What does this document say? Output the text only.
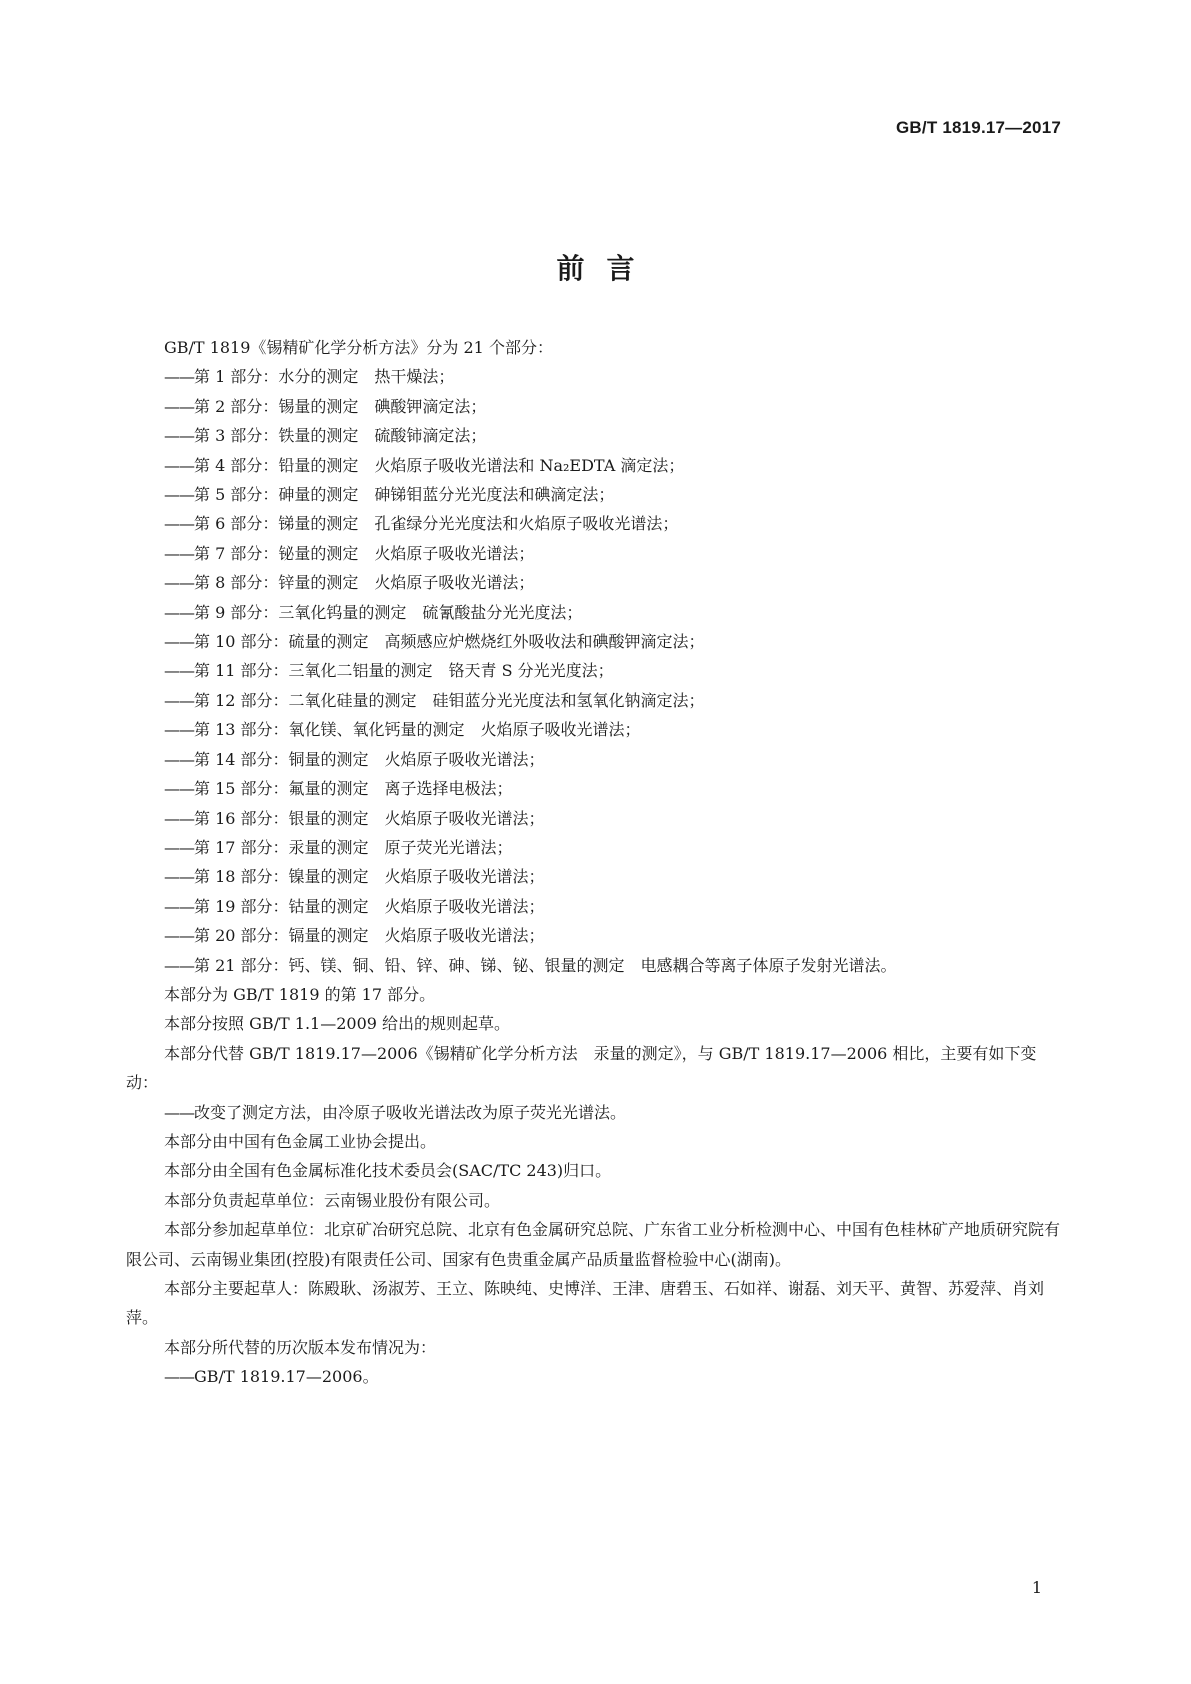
GB/T 1819.17—2017
前言

GB/T 1819《锡精矿化学分析方法》分为 21 个部分：

——第 1 部分：水分的测定　热干燥法；

——第 2 部分：锡量的测定　碘酸钾滴定法；

——第 3 部分：铁量的测定　硫酸铈滴定法；

——第 4 部分：铅量的测定　火焰原子吸收光谱法和 Na₂EDTA 滴定法；

——第 5 部分：砷量的测定　砷锑钼蓝分光光度法和碘滴定法；

——第 6 部分：锑量的测定　孔雀绿分光光度法和火焰原子吸收光谱法；

——第 7 部分：铋量的测定　火焰原子吸收光谱法；

——第 8 部分：锌量的测定　火焰原子吸收光谱法；

——第 9 部分：三氧化钨量的测定　硫氰酸盐分光光度法；

——第 10 部分：硫量的测定　高频感应炉燃烧红外吸收法和碘酸钾滴定法；

——第 11 部分：三氧化二铝量的测定　铬天青 S 分光光度法；

——第 12 部分：二氧化硅量的测定　硅钼蓝分光光度法和氢氧化钠滴定法；

——第 13 部分：氧化镁、氧化钙量的测定　火焰原子吸收光谱法；

——第 14 部分：铜量的测定　火焰原子吸收光谱法；

——第 15 部分：氟量的测定　离子选择电极法；

——第 16 部分：银量的测定　火焰原子吸收光谱法；

——第 17 部分：汞量的测定　原子荧光光谱法；

——第 18 部分：镍量的测定　火焰原子吸收光谱法；

——第 19 部分：钴量的测定　火焰原子吸收光谱法；

——第 20 部分：镉量的测定　火焰原子吸收光谱法；

——第 21 部分：钙、镁、铜、铅、锌、砷、锑、铋、银量的测定　电感耦合等离子体原子发射光谱法。

本部分为 GB/T 1819 的第 17 部分。

本部分按照 GB/T 1.1—2009 给出的规则起草。

本部分代替 GB/T 1819.17—2006《锡精矿化学分析方法　汞量的测定》，与 GB/T 1819.17—2006 相比，主要有如下变动：

——改变了测定方法，由冷原子吸收光谱法改为原子荧光光谱法。

本部分由中国有色金属工业协会提出。

本部分由全国有色金属标准化技术委员会(SAC/TC 243)归口。

本部分负责起草单位：云南锡业股份有限公司。

本部分参加起草单位：北京矿冶研究总院、北京有色金属研究总院、广东省工业分析检测中心、中国有色桂林矿产地质研究院有限公司、云南锡业集团(控股)有限责任公司、国家有色贵重金属产品质量监督检验中心(湖南)。

本部分主要起草人：陈殿耿、汤淑芳、王立、陈映纯、史博洋、王津、唐碧玉、石如祥、谢磊、刘天平、黄智、苏爱萍、肖刘萍。

本部分所代替的历次版本发布情况为：

——GB/T 1819.17—2006。

1
